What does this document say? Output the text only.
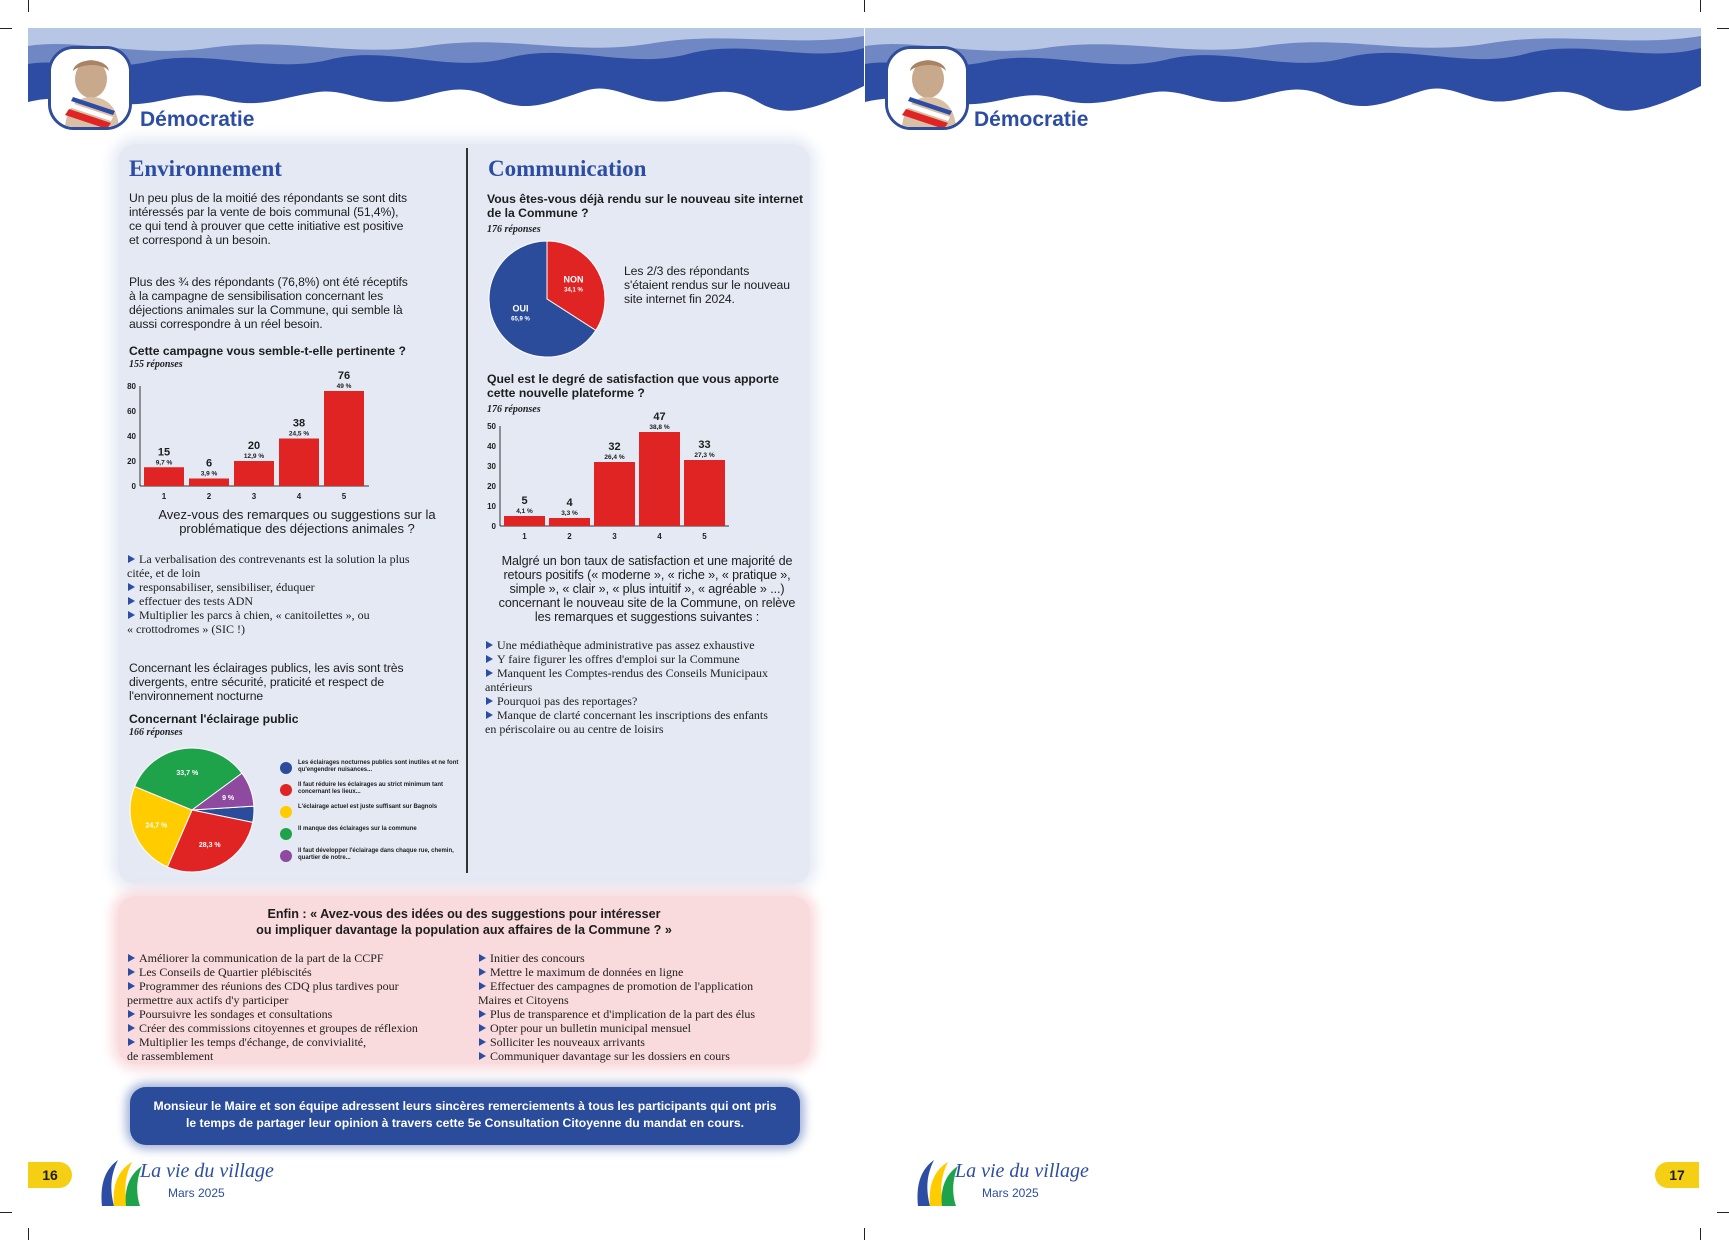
Démocratie	Démocratie
Environnement
Un peu plus de la moitié des répondants se sont dits
intéressés par la vente de bois communal (51,4%),
ce qui tend à prouver que cette initiative est positive
et correspond à un besoin.
Plus des ¾ des répondants (76,8%) ont été réceptifs
à la campagne de sensibilisation concernant les
déjections animales sur la Commune, qui semble là
aussi correspondre à un réel besoin.
Cette campagne vous semble-t-elle pertinente ?
155 réponses
0
20
40
60
80
15
9,7 %
1
6
3,9 %
2
20
12,9 %
3
38
24,5 %
4
76
49 %
5
Avez-vous des remarques ou suggestions sur la
problématique des déjections animales ?
La verbalisation des contrevenants est la solution la plus
citée, et de loin
responsabiliser, sensibiliser, éduquer
effectuer des tests ADN
Multiplier les parcs à chien, « canitoilettes », ou
« crottodromes » (SIC !)
Concernant les éclairages publics, les avis sont très
divergents, entre sécurité, praticité et respect de
l'environnement nocturne
Concernant l'éclairage public
166 réponses
28,3 %
24,7 %
33,7 %
9 %
Les éclairages nocturnes publics sont inutiles et ne font qu'engendrer nuisances...
Il faut réduire les éclairages au strict minimum tant concernant les lieux...
L'éclairage actuel est juste suffisant sur Bagnols
Il manque des éclairages sur la commune
Il faut développer l'éclairage dans chaque rue, chemin, quartier de notre...
Communication
Vous êtes-vous déjà rendu sur le nouveau site internet
de la Commune ?
176 réponses
NON
34,1 %
OUI
65,9 %
Les 2/3 des répondants
s'étaient rendus sur le nouveau
site internet fin 2024.
Quel est le degré de satisfaction que vous apporte
cette nouvelle plateforme ?
176 réponses
0
10
20
30
40
50
5
4,1 %
1
4
3,3 %
2
32
26,4 %
3
47
38,8 %
4
33
27,3 %
5
Malgré un bon taux de satisfaction et une majorité de
retours positifs (« moderne », « riche », « pratique »,
simple », « clair », « plus intuitif », « agréable » ...)
concernant le nouveau site de la Commune, on relève
les remarques et suggestions suivantes :
Une médiathèque administrative pas assez exhaustive
Y faire figurer les offres d'emploi sur la Commune
Manquent les Comptes-rendus des Conseils Municipaux
antérieurs
Pourquoi pas des reportages?
Manque de clarté concernant les inscriptions des enfants
en périscolaire ou au centre de loisirs
Enfin : « Avez-vous des idées ou des suggestions pour intéresser
ou impliquer davantage la population aux affaires de la Commune ? »
Améliorer la communication de la part de la CCPF
Les Conseils de Quartier plébiscités
Programmer des réunions des CDQ plus tardives pour
permettre aux actifs d'y participer
Poursuivre les sondages et consultations
Créer des commissions citoyennes et groupes de réflexion
Multiplier les temps d'échange, de convivialité,
de rassemblement
Initier des concours
Mettre le maximum de données en ligne
Effectuer des campagnes de promotion de l'application
Maires et Citoyens
Plus de transparence et d'implication de la part des élus
Opter pour un bulletin municipal mensuel
Solliciter les nouveaux arrivants
Communiquer davantage sur les dossiers en cours
Monsieur le Maire et son équipe adressent leurs sincères remerciements à tous les participants qui ont pris
le temps de partager leur opinion à travers cette 5e Consultation Citoyenne du mandat en cours.
16	17
La vie du village
Mars 2025
La vie du village
Mars 2025
